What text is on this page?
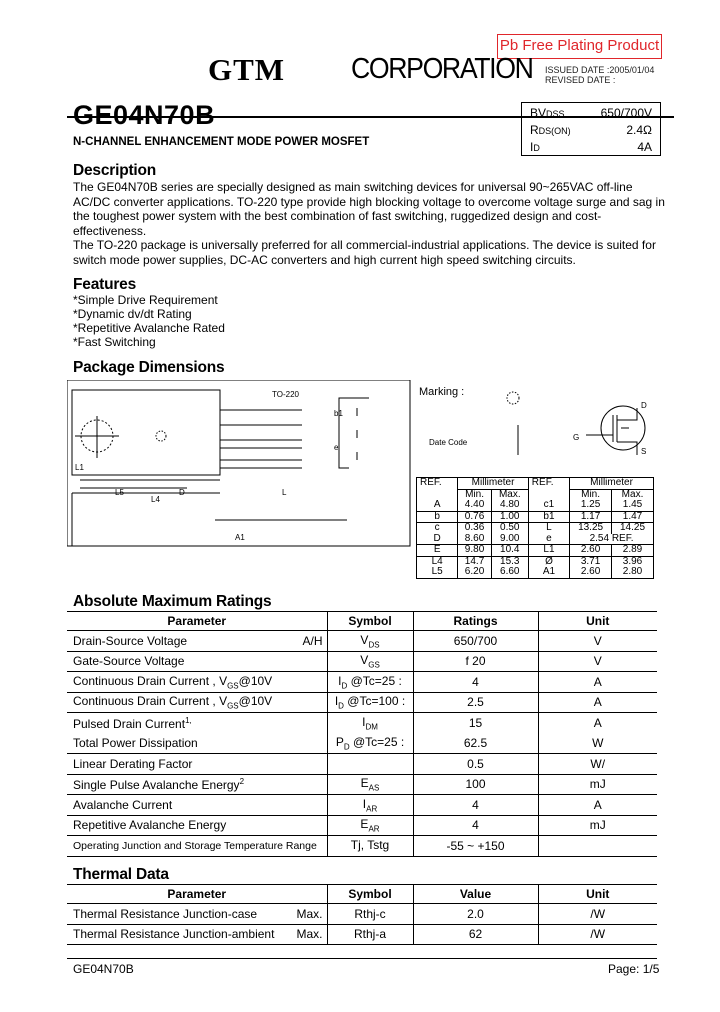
Pb Free Plating Product
GTM CORPORATION ISSUED DATE :2005/01/04
REVISED DATE :
GE04N70B
N-CHANNEL ENHANCEMENT MODE POWER MOSFET
BVDSS	650/700V
RDS(ON)	2.4Ω
ID	4A
Description
The GE04N70B series are specially designed as main switching devices for universal 90~265VAC off-line AC/DC converter applications. TO-220 type provide high blocking voltage to overcome voltage surge and sag in the toughest power system with the best combination of fast switching, ruggedized design and cost-effectiveness.
The TO-220 package is universally preferred for all commercial-industrial applications. The device is suited for switch mode power supplies, DC-AC converters and high current high speed switching circuits.
Features
*Simple Drive Requirement
*Dynamic dv/dt Rating
*Repetitive Avalanche Rated
*Fast Switching
Package Dimensions
TO-220
b1
e
L1
L5	D
L4
L
A1
Marking :
Date Code
G
D
S
REF.	Millimeter		REF.	Millimeter	
	Min.	Max.		Min.	Max.
A	4.40	4.80	c1	1.25	1.45
b	0.76	1.00	b1	1.17	1.47
c	0.36	0.50	L	13.25	14.25
D	8.60	9.00	e	2.54 REF.	
E	9.80	10.4	L1	2.60	2.89
L4	14.7	15.3	Ø	3.71	3.96
L5	6.20	6.60	A1	2.60	2.80
Absolute Maximum Ratings
Parameter	Symbol	Ratings	Unit
Drain-Source Voltage A/H	$V_{DS}$	650/700	V
Gate-Source Voltage	$V_{GS}$	f 20	V
Continuous Drain Current , $V_{GS}@10V$	$I_D$ @Tc=25 :	4	A
Continuous Drain Current , $V_{GS}@10V$	$I_D$ @Tc=100 :	2.5	A
Pulsed Drain Current$^{1,}$	$I_{DM}$	15	A
Total Power Dissipation	$P_D$ @Tc=25 :	62.5	W
Linear Derating Factor		0.5	W/
Single Pulse Avalanche Energy$^2$	$E_{AS}$	100	mJ
Avalanche Current	$I_{AR}$	4	A
Repetitive Avalanche Energy	$E_{AR}$	4	mJ
Operating Junction and Storage Temperature Range	Tj, Tstg	-55 ~ +150	
Thermal Data
Parameter	Symbol	Value	Unit
Thermal Resistance Junction-case Max.	Rthj-c	2.0	/W
Thermal Resistance Junction-ambient Max.	Rthj-a	62	/W
GE04N70B	Page: 1/5
